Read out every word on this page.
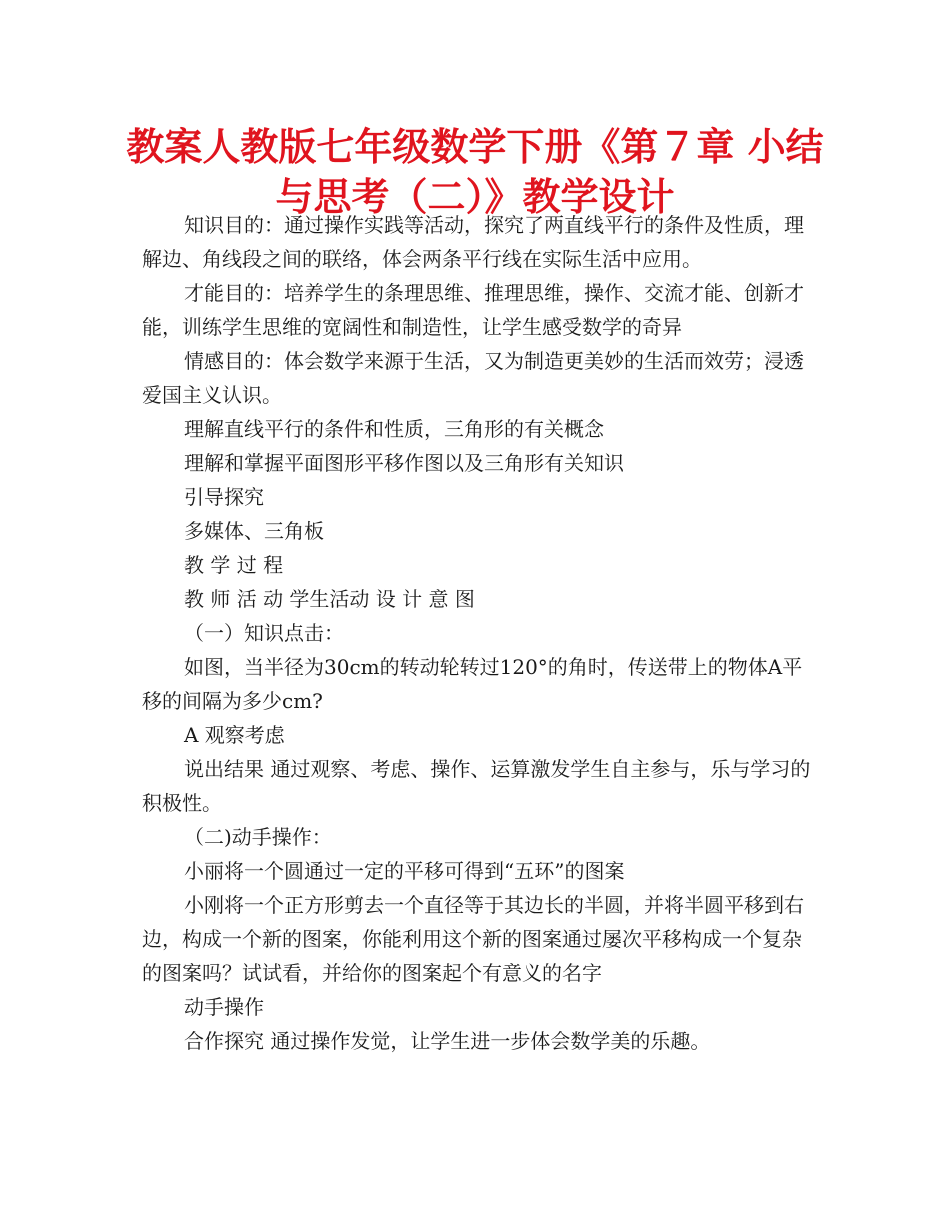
教案人教版七年级数学下册《第７章 小结
与思考（二）》教学设计

知识目的：通过操作实践等活动，探究了两直线平行的条件及性质，理解边、角线段之间的联络，体会两条平行线在实际生活中应用。

才能目的：培养学生的条理思维、推理思维，操作、交流才能、创新才能，训练学生思维的宽阔性和制造性，让学生感受数学的奇异

情感目的：体会数学来源于生活，又为制造更美妙的生活而效劳；浸透爱国主义认识。

理解直线平行的条件和性质，三角形的有关概念

理解和掌握平面图形平移作图以及三角形有关知识

引导探究

多媒体、三角板

教 学 过 程

教 师 活 动 学生活动 设 计 意 图

（一）知识点击：

如图，当半径为30cm的转动轮转过120°的角时，传送带上的物体A平移的间隔为多少cm?

A 观察考虑

说出结果 通过观察、考虑、操作、运算激发学生自主参与，乐与学习的积极性。

（二)动手操作：

小丽将一个圆通过一定的平移可得到“五环”的图案

小刚将一个正方形剪去一个直径等于其边长的半圆，并将半圆平移到右边，构成一个新的图案，你能利用这个新的图案通过屡次平移构成一个复杂的图案吗？试试看，并给你的图案起个有意义的名字

动手操作

合作探究 通过操作发觉，让学生进一步体会数学美的乐趣。
